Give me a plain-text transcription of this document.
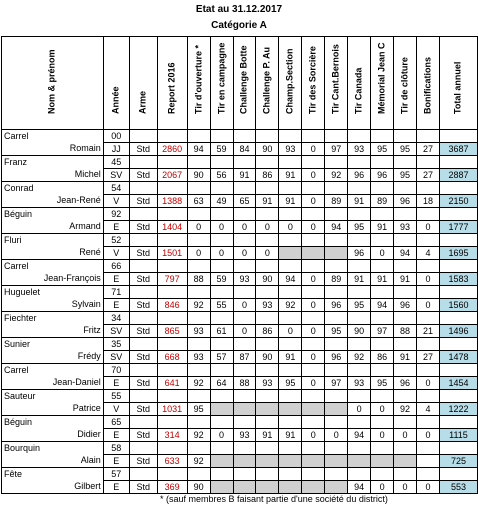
Etat au 31.12.2017
Catégorie A
Nom & prénom	Année	Arme	Report 2016	Tir d'ouverture *	Tir en campagne	Challenge Botte	Challenge P. Au	Champ.Section	Tir des Sorcière	Tir Cant.Bernois	Tir Canada	Mémorial Jean C	Tir de clôture	Bonifications	Total annuel

Carrel	00														
Romain	JJ	Std	2860	94	59	84	90	93	0	97	93	95	95	27	3687
Franz	45														
Michel	SV	Std	2067	90	56	91	86	91	0	92	96	96	95	27	2887
Conrad	54														
Jean-René	V	Std	1388	63	49	65	91	91	0	89	91	89	96	18	2150
Béguin	92														
Armand	E	Std	1404	0	0	0	0	0	0	94	95	91	93	0	1777
Fluri	52														
René	V	Std	1501	0	0	0	0				96	0	94	4	1695
Carrel	66														
Jean-François	E	Std	797	88	59	93	90	94	0	89	91	91	91	0	1583
Huguelet	71														
Sylvain	E	Std	846	92	55	0	93	92	0	96	95	94	96	0	1560
Fiechter	34														
Fritz	SV	Std	865	93	61	0	86	0	0	95	90	97	88	21	1496
Sunier	35														
Frédy	SV	Std	668	93	57	87	90	91	0	96	92	86	91	27	1478
Carrel	70														
Jean-Daniel	E	Std	641	92	64	88	93	95	0	97	93	95	96	0	1454
Sauteur	55														
Patrice	V	Std	1031	95							0	0	92	4	1222
Béguin	65														
Didier	E	Std	314	92	0	93	91	91	0	0	94	0	0	0	1115
Bourquin	58														
Alain	E	Std	633	92											725
Fête	57														
Gilbert	E	Std	369	90							94	0	0	0	553
* (sauf membres B faisant partie d'une société du district)
